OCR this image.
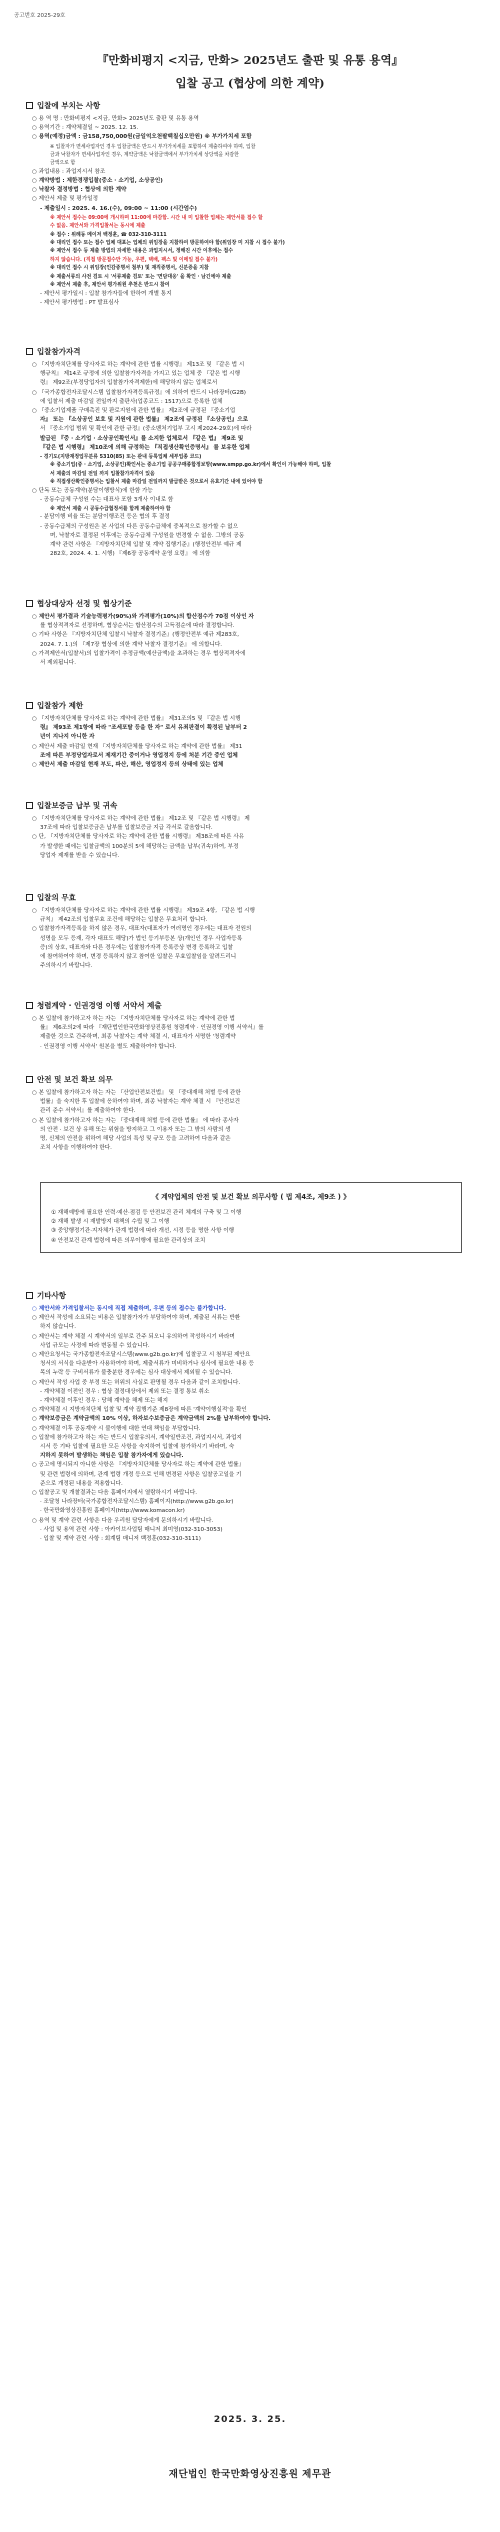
공고번호 2025-29호
『만화비평지 <지금, 만화> 2025년도 출판 및 유통 용역』
입찰 공고 (협상에 의한 계약)
입찰에 부치는 사항
○ 용 역 명 : 만화비평지 <지금, 만화> 2025년도 출판 및 유통 용역
○ 용역기간 : 계약체결일 ~ 2025. 12. 15.
○ 용역(예정)금액 : 금158,750,000원(금일억오천팔백칠십오만원) ※ 부가가치세 포함
※ 입찰자가 면세사업자인 경우 입찰금액은 반드시 부가가치세를 포함하여 제출하여야 하며, 입찰
금과 낙찰자가 면세사업자인 경우, 계약금액은 낙찰금액에서 부가가치세 상당액을 차감한
금액으로 함
○ 과업내용 : 과업지시서 참조
○ 계약방법 : 제한경쟁입찰(중소 · 소기업, 소상공인)
○ 낙찰자 결정방법 : 협상에 의한 계약
○ 제안서 제출 및 평가일정
- 제출일시 : 2025. 4. 16.(수), 09:00 ~ 11:00 (시간엄수)
※ 제안서 접수는 09:00에 개시하며 11:00에 마감함. 시간 내 미 입찰한 업체는 제안서를 접수 할
수 없음. 제안서와 가격입찰서는 동시에 제출
※ 접수 : 위례동 메이저 백정훈, ☎ 032-310-3111
※ 대리인 접수 또는 접수 업체 대표는 업체의 위임장을 지참하여 방문하여야 함(위임장 미 지참 시 접수 불가)
※ 제안서 접수 등 제출 방법의 자세한 내용은 과업지시서, 정해진 시간 이후에는 접수
하지 않습니다. (직접 방문접수만 가능, 우편, 택배, 팩스 및 이메일 접수 불가)
※ 대리인 접수 시 위임장(인감증명서 첨부) 및 재직증명서, 신분증을 지참
※ 제출서류의 사전 검토 시 '서류제출 검토' 또는 '면담대응' 을 확인 · 남긴에야 제출
※ 제안서 제출 후, 제안서 평가위원 추천은 반드시 참여
- 제안서 평가일시 : 입찰 참가자들에 한하여 개별 통지
- 제안서 평가방법 : PT 발표심사
입찰참가자격
○ 『지방자치단체를 당사자로 하는 계약에 관한 법률 시행령』 제13조 및 『같은 법 시
행규칙』 제14조 규정에 의한 입찰참가자격을 가지고 있는 업체 중 『같은 법 시행
령』 제92조(부정당업자의 입찰참가자격제한)에 해당하지 않는 업체로서
○ 『국가종합전자조달시스템 입찰참가자격등록규정』에 의하여 반드시 나라장터(G2B)
에 입찰서 제출 마감일 전일까지 출판사(업종코드 : 1517)으로 등록한 업체
○ 『중소기업제품 구매촉진 및 판로지원에 관한 법률』 제2조에 규정된 『중소기업
자』 또는 『소상공인 보호 및 지원에 관한 법률』 제2조에 규정된 『소상공인』으로
서 『중소기업 범위 및 확인에 관한 규정』(중소벤처기업부 고시 제2024-29호)에 따라
발급된 『중 · 소기업 · 소상공인확인서』를 소지한 업체로서 『같은 법』 제9조 및
『같은 법 시행령』 제10조에 의해 규정하는 『직접생산확인증명서』 를 보유한 업체
- 경기도(지방재정업무분류 5310(85) 또는 관내 등록업체 세부업종 코드)
※ 중소기업(중 · 소기업, 소상공인)확인서는 중소기업 공공구매종합정보망(www.smpp.go.kr)에서 확인이 가능해야 하며, 입찰
서 제출의 마감일 전일 까지 입찰참가자격이 있음
※ 직접생산확인증명서는 입찰서 제출 마감일 전일까지 발급받은 것으로서 유효기간 내에 있어야 함
○ 단독 또는 공동계약(분담이행방식)에 한함 가능
- 공동수급체 구성원 수는 대표사 포함 3개사 이내로 함
※ 제안서 제출 시 공동수급협정서를 함께 제출하여야 함
- 분담이행 비율 또는 분담이행조건 등은 협의 후 결정
- 공동수급체의 구성원은 본 사업의 다른 공동수급체에 중복적으로 참가할 수 없으
며, 낙찰자로 결정된 이후에는 공동수급체 구성원을 변경할 수 없음. 그밖의 공동
계약 관련 사항은 『지방자치단체 입찰 및 계약 집행기준』(행정안전부 예규 제
282호, 2024. 4. 1. 시행) 『제6장 공동계약 운영 요령』 에 의함
협상대상자 선정 및 협상기준
○ 제안서 평가결과 기술능력평가(90%)와 가격평가(10%)의 합산점수가 70점 이상인 자
를 협상적격자로 선정하며, 협상순서는 합산점수의 고득점순에 따라 결정합니다.
○ 기타 사항은 『지방자치단체 입찰시 낙찰자 결정기준』(행정안전부 예규 제283호,
2024. 7. 1.)의 『제7장 협상에 의한 계약 낙찰자 결정기준』 에 의합니다.
○ 가격제안서(입찰서)의 입찰가격이 추정금액(예산금액)을 초과하는 경우 협상적격자에
서 제외됩니다.
입찰참가 제한
○ 『지방자치단체를 당사자로 하는 계약에 관한 법률』 제31조의5 및 『같은 법 시행
령』 제93조 제1항에 따라 "조세포탈 등을 한 자" 로서 유죄판결이 확정된 날부터 2
년이 지나지 아니한 자
○ 제안서 제출 마감일 현재 『지방자치단체를 당사자로 하는 계약에 관한 법률』 제31
조에 따른 부정당업자로서 제재기간 중이거나 영업정지 등에 처분 기간 중인 업체
○ 제안서 제출 마감일 현재 부도, 파산, 해산, 영업정지 등의 상태에 있는 업체
입찰보증금 납부 및 귀속
○ 『지방자치단체를 당사자로 하는 계약에 관한 법률』 제12조 및 『같은 법 시행령』 제
37조에 따라 입찰보증금은 납부를 입찰보증금 지급 각서로 갈음합니다.
○ 단, 『지방자치단체를 당사자로 하는 계약에 관한 법률 시행령』 제38조에 따른 사유
가 발생한 때에는 입찰금액의 100분의 5에 해당하는 금액을 납부(귀속)하여, 부정
당업자 제재를 받을 수 있습니다.
입찰의 무효
○ 『지방자치단체를 당사자로 하는 계약에 관한 법률 시행령』 제39조 4항, 『같은 법 시행
규칙』 제42조의 입찰무효 조건에 해당하는 입찰은 무효처리 합니다.
○ 입찰참가자격등록을 하지 않은 경우, 대표자(대표자가 여러명인 경우에는 대표자 전원의
성명을 모두 등재, 각자 대표도 해당)가 법인 등기부등본 상(개인인 경우 사업자등록
증)의 상호, 대표자와 다른 경우에는 입찰참가자격 등록증상 변경 등록하고 입찰
에 참여하여야 하며, 변경 등록하지 않고 참여한 입찰은 무효입찰임을 알려드리니
주의하시기 바랍니다.
청렴계약 · 인권경영 이행 서약서 제출
○ 본 입찰에 참가하고자 하는 자는 『지방자치단체를 당사자로 하는 계약에 관한 법
률』 제6조의2에 따라 『재단법인한국만화영상진흥원 청렴계약 · 인권경영 이행 서약서』를
제출한 것으로 간주하며, 최종 낙찰자는 계약 체결 시, 대표자가 서명한 '청렴계약
· 인권경영 이행 서약서' 원본을 별도 제출하여야 합니다.
안전 및 보건 확보 의무
○ 본 입찰에 참가하고자 하는 자는 『산업안전보건법』 및 『중대재해 처벌 등에 관한
법률』을 숙지한 후 입찰에 응하여야 하며, 최종 낙찰자는 계약 체결 시 『안전보건
관리 준수 서약서』를 제출하여야 한다.
○ 본 입찰에 참가하고자 하는 자는 『중대재해 처벌 등에 관한 법률』 에 따라 종사자
의 안전 · 보건 상 유해 또는 위험을 방지하고 그 이용자 또는 그 밖의 사람의 생
명, 신체의 안전을 위하여 해당 사업의 특성 및 규모 등을 고려하여 다음과 같은
조치 사항을 이행하여야 한다.
《 계약업체의 안전 및 보건 확보 의무사항 ( 법 제4조, 제9조 ) 》
① 재해예방에 필요한 인력·예산·점검 등 안전보건 관리 체계의 구축 및 그 이행
② 재해 발생 시 재발방지 대책의 수립 및 그 이행
③ 중앙행정기관·지자체가 관계 법령에 따라 개선, 시정 등을 명한 사항 이행
④ 안전보건 관계 법령에 따른 의무이행에 필요한 관리상의 조치
기타사항
○ 제안서와 가격입찰서는 동시에 직접 제출하며, 우편 등의 접수는 불가합니다.
○ 제안서 작성에 소요되는 비용은 입찰참가자가 부담하여야 하며, 제출된 서류는 반환
하지 않습니다.
○ 제안서는 계약 체결 시 계약서의 일부로 간주 되오니 유의하여 작성하시기 바라며
사업 규모는 사정에 따라 변동될 수 있습니다.
○ 제안요청서는 국가종합전자조달시스템(www.g2b.go.kr)에 입찰공고 시 첨부된 제안요
청서의 서식을 다운받아 사용하여야 하며, 제출서류가 미비하거나 심사에 필요한 내용 등
목의 누락 등 구비서류가 불충분한 경우에는 심사 대상에서 제외될 수 있습니다.
○ 제안서 작성 사업 중 부정 또는 허위의 사실로 판명될 경우 다음과 같이 조치합니다.
- 계약체결 이전인 경우 : 협상 결정대상에서 제외 또는 결정 통보 취소
- 계약체결 이후인 경우 : 당해 계약을 해제 또는 해지
○ 계약체결 시 지방자치단체 입찰 및 계약 집행기준 제8장에 따른 '계약이행실적'을 확인
○ 계약보증금은 계약금액의 10% 이상, 하자보수보증금은 계약금액의 2%를 납부하여야 합니다.
○ 계약체결 이후 공동계약 시 불이행에 대한 연대 책임을 부담합니다.
○ 입찰에 참가하고자 하는 자는 반드시 입찰유의서, 계약일반조건, 과업지시서, 과업지
시서 등 기타 입찰에 필요한 모든 사항을 숙지하여 입찰에 참가하시기 바라며, 숙
지하지 못하여 발생하는 책임은 입찰 참가자에게 있습니다.
○ 공고에 명시되지 아니한 사항은 『지방자치단체를 당사자로 하는 계약에 관한 법률』
및 관련 법령에 의하며, 관계 법령 개정 등으로 인해 변경된 사항은 입찰공고일을 기
준으로 개정된 내용을 적용합니다.
○ 입찰공고 및 개찰결과는 다음 홈페이지에서 열람하시기 바랍니다.
· 조달청 나라장터(국가종합전자조달시스템) 홈페이지(http://www.g2b.go.kr)
· 한국만화영상진흥원 홈페이지(http://www.komacon.kr)
○ 용역 및 계약 관련 사항은 다음 우리원 담당자에게 문의하시기 바랍니다.
· 사업 및 용역 관련 사항 : 아카이브사업팀 매니저 최미영(032-310-3053)
· 입찰 및 계약 관련 사항 : 회계팀 매니저 백정훈(032-310-3111)
2025. 3. 25.
재단법인 한국만화영상진흥원 제무관
